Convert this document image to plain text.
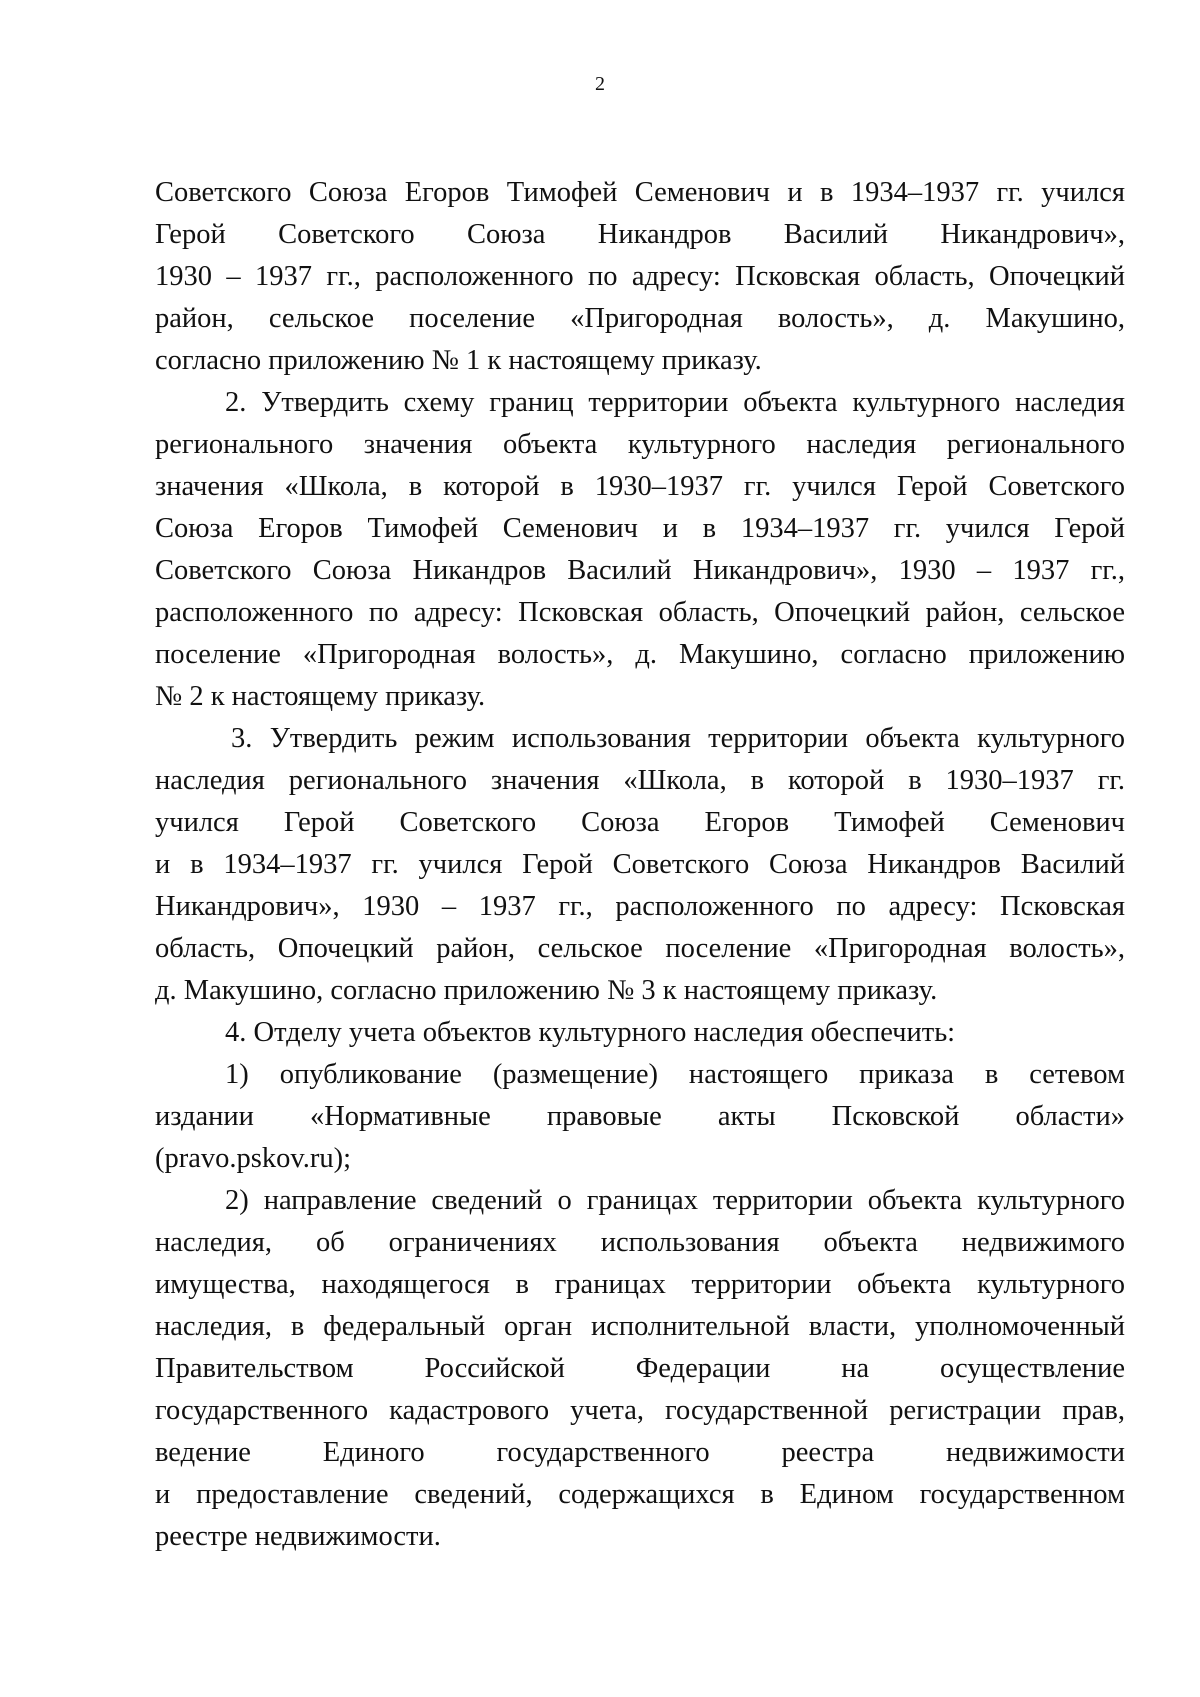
2
Советского Союза Егоров Тимофей Семенович и в 1934–1937 гг. учился
Герой Советского Союза Никандров Василий Никандрович»,
1930 – 1937 гг., расположенного по адресу: Псковская область, Опочецкий
район, сельское поселение «Пригородная волость», д. Макушино,
согласно приложению № 1 к настоящему приказу.
2. Утвердить схему границ территории объекта культурного наследия
регионального значения объекта культурного наследия регионального
значения «Школа, в которой в 1930–1937 гг. учился Герой Советского
Союза Егоров Тимофей Семенович и в 1934–1937 гг. учился Герой
Советского Союза Никандров Василий Никандрович», 1930 – 1937 гг.,
расположенного по адресу: Псковская область, Опочецкий район, сельское
поселение «Пригородная волость», д. Макушино, согласно приложению
№ 2 к настоящему приказу.
3. Утвердить режим использования территории объекта культурного
наследия регионального значения «Школа, в которой в 1930–1937 гг.
учился Герой Советского Союза Егоров Тимофей Семенович
и в 1934–1937 гг. учился Герой Советского Союза Никандров Василий
Никандрович», 1930 – 1937 гг., расположенного по адресу: Псковская
область, Опочецкий район, сельское поселение «Пригородная волость»,
д. Макушино, согласно приложению № 3 к настоящему приказу.
4. Отделу учета объектов культурного наследия обеспечить:
1) опубликование (размещение) настоящего приказа в сетевом
издании «Нормативные правовые акты Псковской области»
(pravo.pskov.ru);
2) направление сведений о границах территории объекта культурного
наследия, об ограничениях использования объекта недвижимого
имущества, находящегося в границах территории объекта культурного
наследия, в федеральный орган исполнительной власти, уполномоченный
Правительством Российской Федерации на осуществление
государственного кадастрового учета, государственной регистрации прав,
ведение Единого государственного реестра недвижимости
и предоставление сведений, содержащихся в Едином государственном
реестре недвижимости.
